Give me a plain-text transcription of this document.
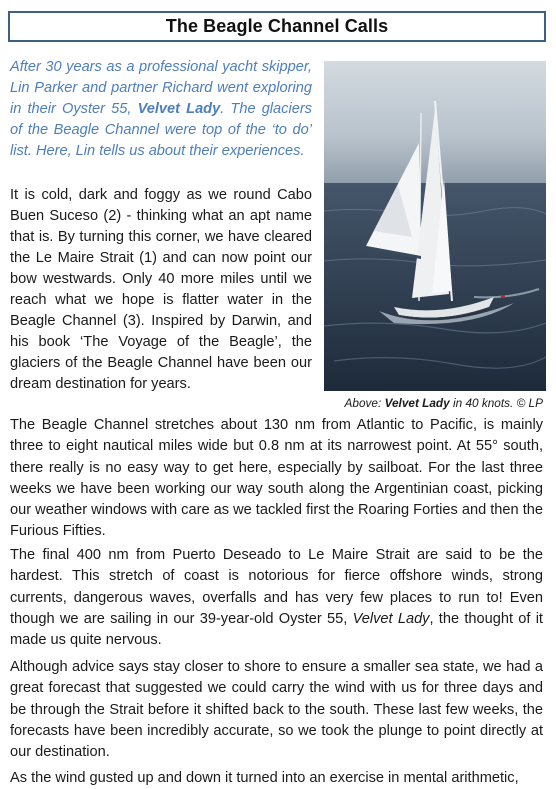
The Beagle Channel Calls
After 30 years as a professional yacht skipper, Lin Parker and partner Richard went exploring in their Oyster 55, Velvet Lady. The glaciers of the Beagle Channel were top of the ‘to do’ list. Here, Lin tells us about their experiences.
It is cold, dark and foggy as we round Cabo Buen Suceso (2) - thinking what an apt name that is. By turning this corner, we have cleared the Le Maire Strait (1) and can now point our bow westwards. Only 40 more miles until we reach what we hope is flatter water in the Beagle Channel (3). Inspired by Darwin, and his book ‘The Voyage of the Beagle’, the glaciers of the Beagle Channel have been our dream destination for years.
Above: Velvet Lady in 40 knots. © LP

The Beagle Channel stretches about 130 nm from Atlantic to Pacific, is mainly three to eight nautical miles wide but 0.8 nm at its narrowest point. At 55° south, there really is no easy way to get here, especially by sailboat. For the last three weeks we have been working our way south along the Argentinian coast, picking our weather windows with care as we tackled first the Roaring Forties and then the Furious Fifties.

The final 400 nm from Puerto Deseado to Le Maire Strait are said to be the hardest. This stretch of coast is notorious for fierce offshore winds, strong currents, dangerous waves, overfalls and has very few places to run to! Even though we are sailing in our 39-year-old Oyster 55, Velvet Lady, the thought of it made us quite nervous.

Although advice says stay closer to shore to ensure a smaller sea state, we had a great forecast that suggested we could carry the wind with us for three days and be through the Strait before it shifted back to the south. These last few weeks, the forecasts have been incredibly accurate, so we took the plunge to point directly at our destination.

As the wind gusted up and down it turned into an exercise in mental arithmetic,
